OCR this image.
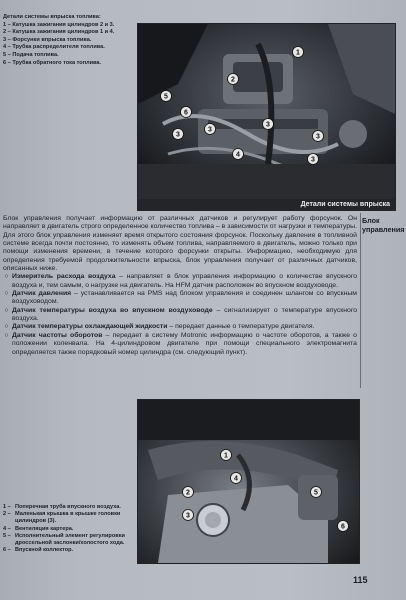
Детали системы впрыска топлива:
1 – Катушка зажигания цилиндров 2 и 3.
2 – Катушка зажигания цилиндров 1 и 4.
3 – Форсунки впрыска топлива.
4 – Трубка распределителя топлива.
5 – Подача топлива.
6 – Трубка обратного тока топлива.
1
2
3
3
3
4
5
6
3
3
Детали системы впрыска
Блок
управления

Блок управления получает информацию от различных датчиков и регулирует работу форсунок. Он направляет в двигатель строго определенное количество топлива – в зависимости от нагрузки и температуры. Для этого блок управления изменяет время открытого состояния форсунок. Поскольку давление в топливной системе всегда почти постоянно, то изменять объем топлива, направляемого в двигатель, можно только при помощи изменения времени, в течение которого форсунки открыты. Информацию, необходимую для определения требуемой продолжительности впрыска, блок управления получает от различных датчиков, описанных ниже.

○ Измеритель расхода воздуха – направляет в блок управления информацию о количестве впускного воздуха и, тем самым, о нагрузке на двигатель. На HFM датчик расположен во впускном воздуховоде.
○ Датчик давления – устанавливается на PMS над блоком управления и соединен шлангом со впускным воздуховодом.
○ Датчик температуры воздуха во впускном воздуховоде – сигнализирует о температуре впускного воздуха.
○ Датчик температуры охлаждающей жидкости – передает данные о температуре двигателя.
○ Датчик частоты оборотов – передает в систему Motronic информацию о частоте оборотов, а также о положении коленвала. На 4-цилиндровом двигателе при помощи специального электромагнита определяется также порядковый номер цилиндра (см. следующий пункт).
1
2
3
4
5
6
1 – Поперечная труба впускного воздуха.
2 – Маленькая крышка в крышке головки цилиндров (3).
4 – Вентиляция картера.
5 – Исполнительный элемент регулировки дроссельной заслонки/холостого хода.
6 – Впускной коллектор.
115
